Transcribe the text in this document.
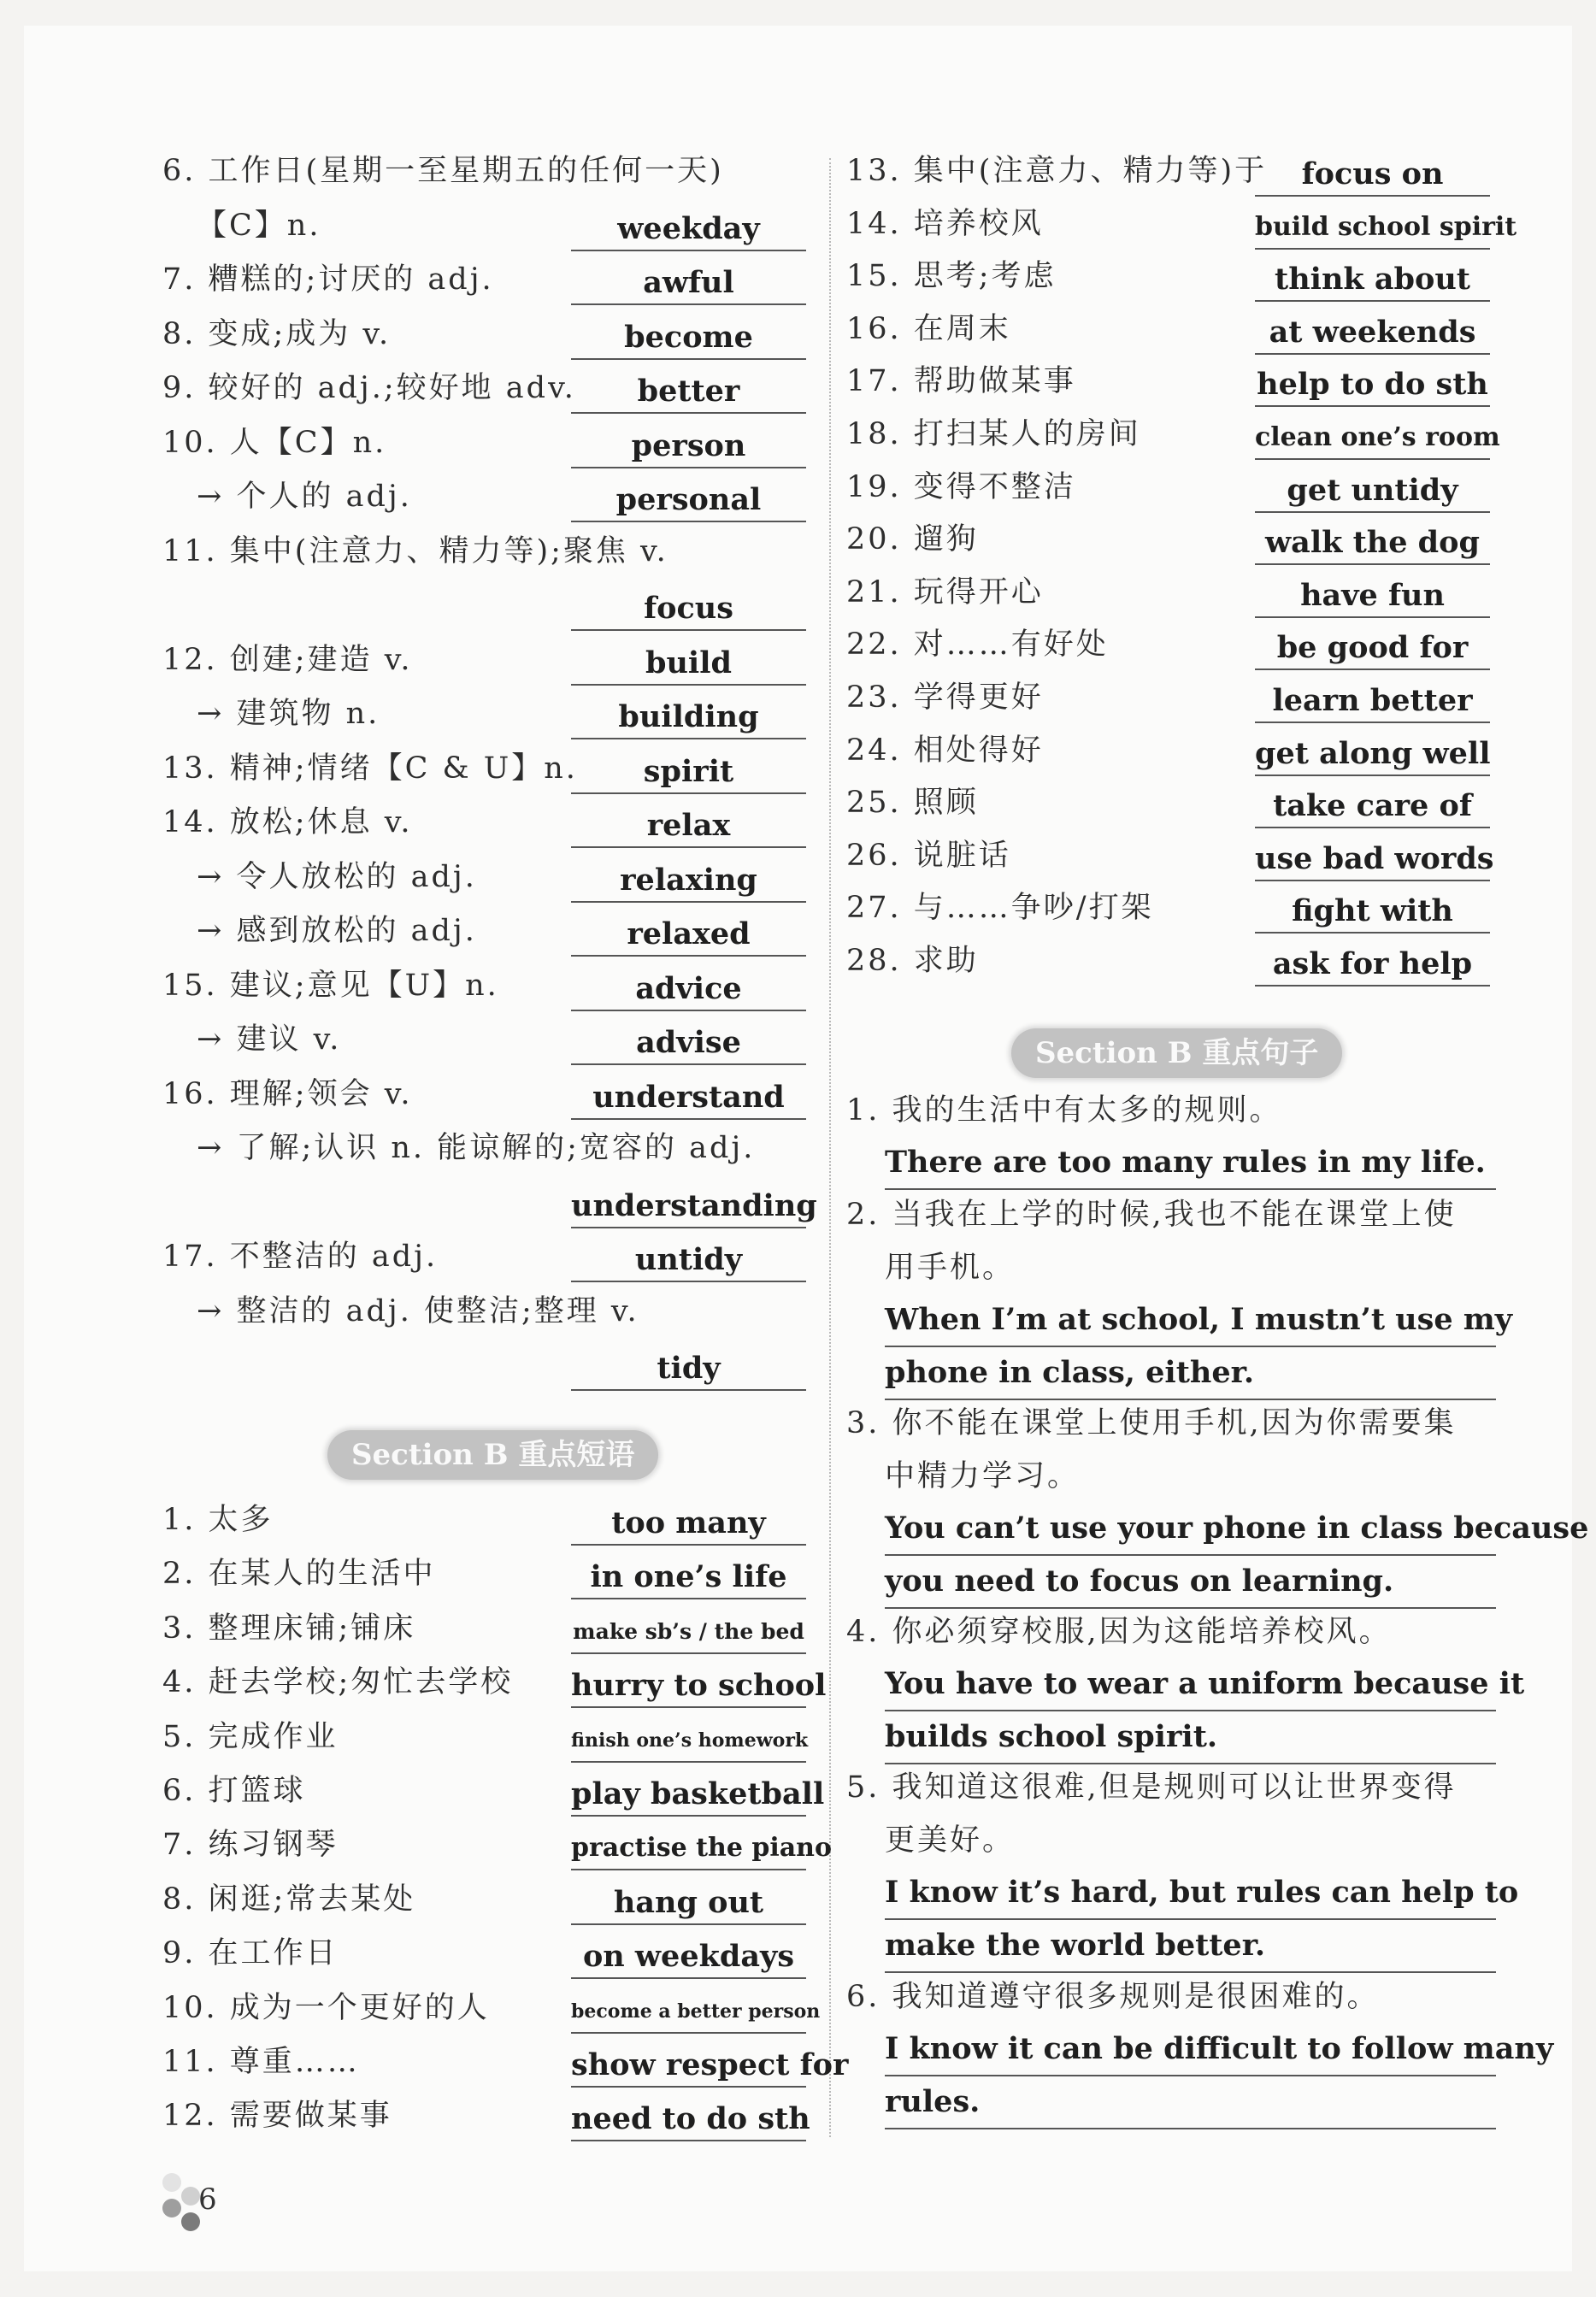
6. 工作日(星期一至星期五的任何一天)
【C】n.	weekday
7. 糟糕的;讨厌的 adj.	awful
8. 变成;成为 v.	become
9. 较好的 adj.;较好地 adv.	better
10. 人【C】n.	person
→ 个人的 adj.	personal
11. 集中(注意力、精力等);聚焦 v.
focus
12. 创建;建造 v.	build
→ 建筑物 n.	building
13. 精神;情绪【C & U】n.	spirit
14. 放松;休息 v.	relax
→ 令人放松的 adj.	relaxing
→ 感到放松的 adj.	relaxed
15. 建议;意见【U】n.	advice
→ 建议 v.	advise
16. 理解;领会 v.	understand
→ 了解;认识 n. 能谅解的;宽容的 adj.
understanding
17. 不整洁的 adj.	untidy
→ 整洁的 adj. 使整洁;整理 v.
tidy
Section B 重点短语
1. 太多	too many
2. 在某人的生活中	in one’s life
3. 整理床铺;铺床	make sb’s / the bed
4. 赶去学校;匆忙去学校 hurry to school
5. 完成作业	finish one’s homework
6. 打篮球	play basketball
7. 练习钢琴	practise the piano
8. 闲逛;常去某处	hang out
9. 在工作日	on weekdays
10. 成为一个更好的人	become a better person
11. 尊重……	show respect for
12. 需要做某事	need to do sth
13. 集中(注意力、精力等)于	focus on
14. 培养校风	build school spirit
15. 思考;考虑	think about
16. 在周末	at weekends
17. 帮助做某事	help to do sth
18. 打扫某人的房间	clean one’s room
19. 变得不整洁	get untidy
20. 遛狗	walk the dog
21. 玩得开心	have fun
22. 对……有好处	be good for
23. 学得更好	learn better
24. 相处得好	get along well
25. 照顾	take care of
26. 说脏话	use bad words
27. 与……争吵/打架	fight with
28. 求助	ask for help
Section B 重点句子
1. 我的生活中有太多的规则。
There are too many rules in my life.
2. 当我在上学的时候,我也不能在课堂上使
用手机。
When I’m at school, I mustn’t use my
phone in class, either.
3. 你不能在课堂上使用手机,因为你需要集
中精力学习。
You can’t use your phone in class because
you need to focus on learning.
4. 你必须穿校服,因为这能培养校风。
You have to wear a uniform because it
builds school spirit.
5. 我知道这很难,但是规则可以让世界变得
更美好。
I know it’s hard, but rules can help to
make the world better.
6. 我知道遵守很多规则是很困难的。
I know it can be difficult to follow many
rules.
6
